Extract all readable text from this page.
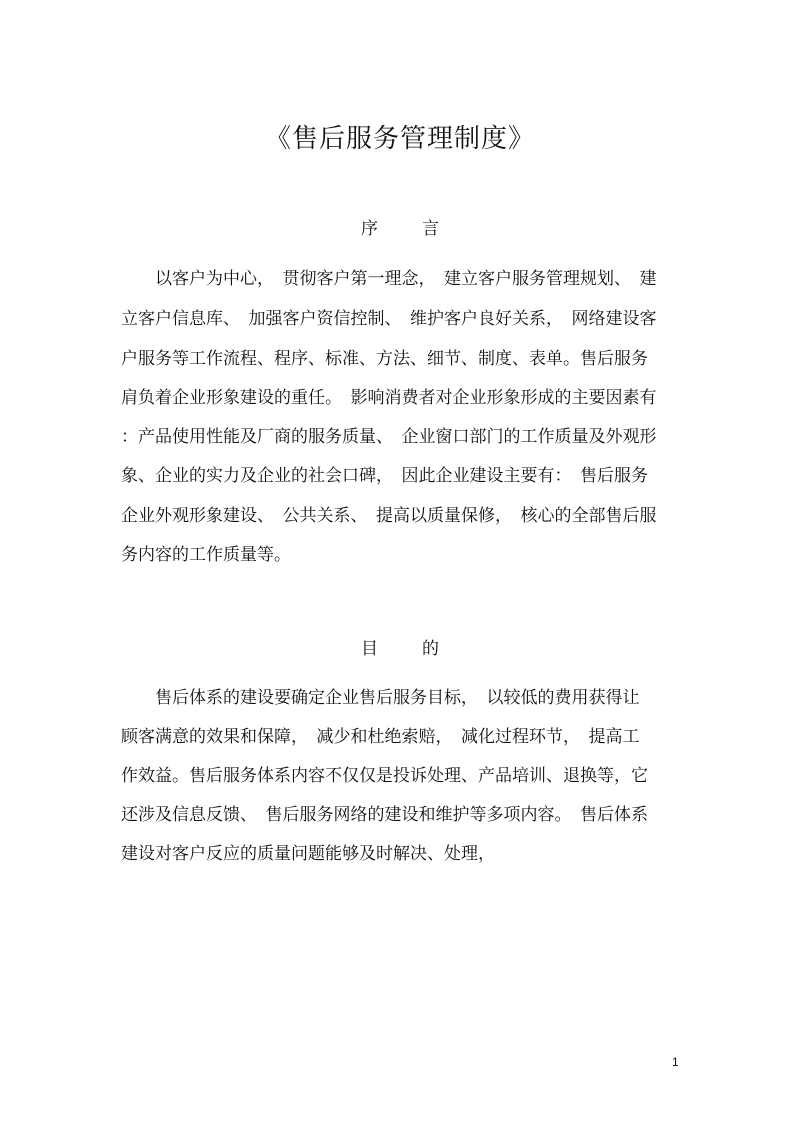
《售后服务管理制度》
序	言

　　以客户为中心，　贯彻客户第一理念，　建立客户服务管理规划、　建

立客户信息库、　加强客户资信控制、　维护客户良好关系，　网络建设客

户服务等工作流程、程序、标准、方法、细节、制度、表单。售后服务

肩负着企业形象建设的重任。　影响消费者对企业形象形成的主要因素有

：产品使用性能及厂商的服务质量、　企业窗口部门的工作质量及外观形

象、企业的实力及企业的社会口碑，　因此企业建设主要有：　售后服务

企业外观形象建设、　公共关系、　提高以质量保修，　核心的全部售后服

务内容的工作质量等。

目	的

　　售后体系的建设要确定企业售后服务目标，　以较低的费用获得让

顾客满意的效果和保障，　减少和杜绝索赔，　减化过程环节，　提高工

作效益。售后服务体系内容不仅仅是投诉处理、产品培训、退换等，它

还涉及信息反馈、　售后服务网络的建设和维护等多项内容。　售后体系

建设对客户反应的质量问题能够及时解决、处理，

1
